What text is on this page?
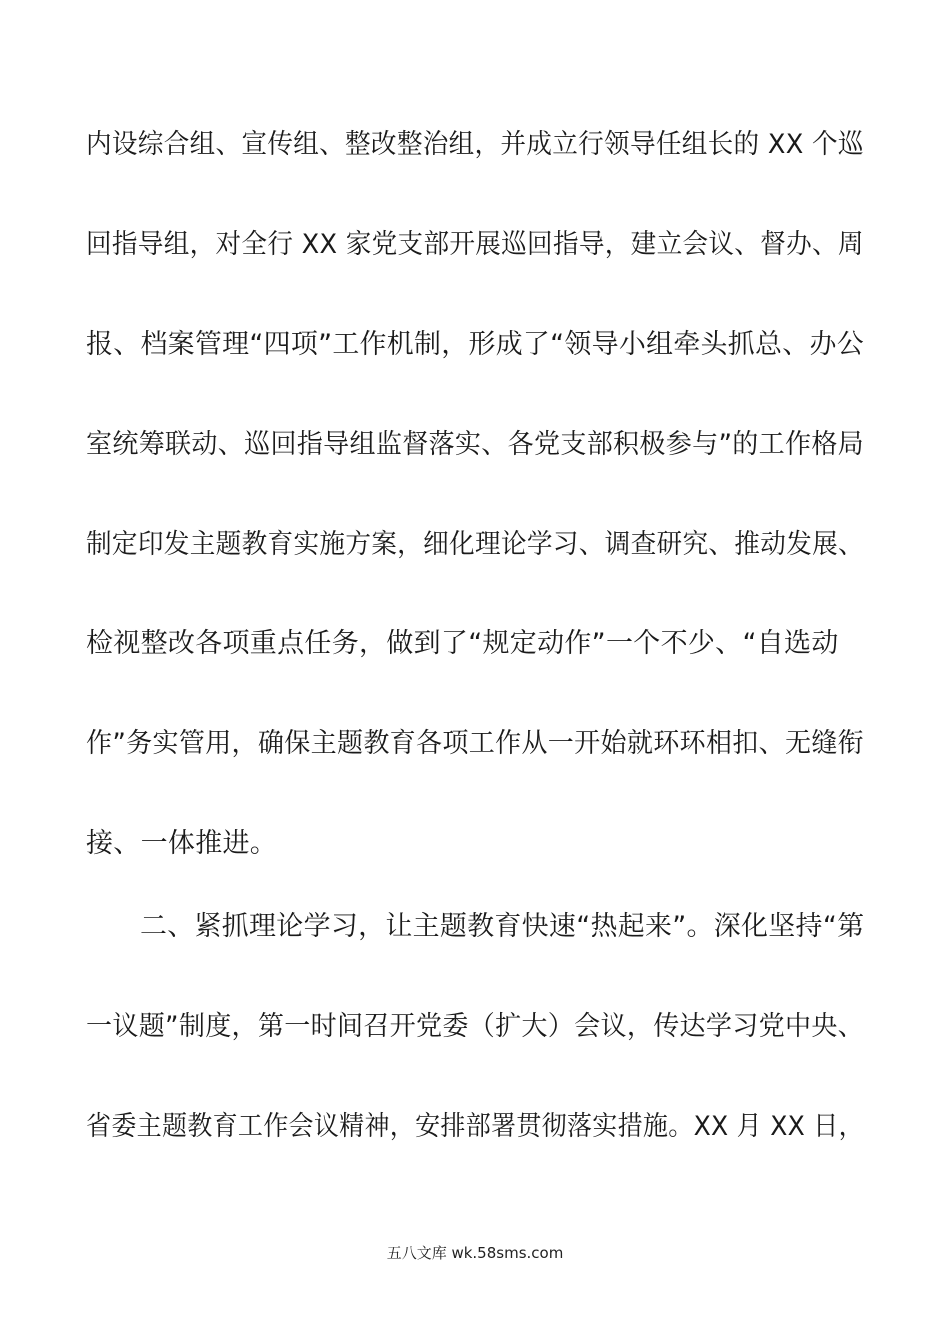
内设综合组、宣传组、整改整治组，并成立行领导任组长的 XX 个巡
回指导组，对全行 XX 家党支部开展巡回指导，建立会议、督办、周
报、档案管理“四项”工作机制，形成了“领导小组牵头抓总、办公
室统筹联动、巡回指导组监督落实、各党支部积极参与”的工作格局
制定印发主题教育实施方案，细化理论学习、调查研究、推动发展、
检视整改各项重点任务，做到了“规定动作”一个不少、“自选动
作”务实管用，确保主题教育各项工作从一开始就环环相扣、无缝衔
接、一体推进。
二、紧抓理论学习，让主题教育快速“热起来”。深化坚持“第
一议题”制度，第一时间召开党委（扩大）会议，传达学习党中央、
省委主题教育工作会议精神，安排部署贯彻落实措施。XX 月 XX 日，
五八文库 wk.58sms.com
